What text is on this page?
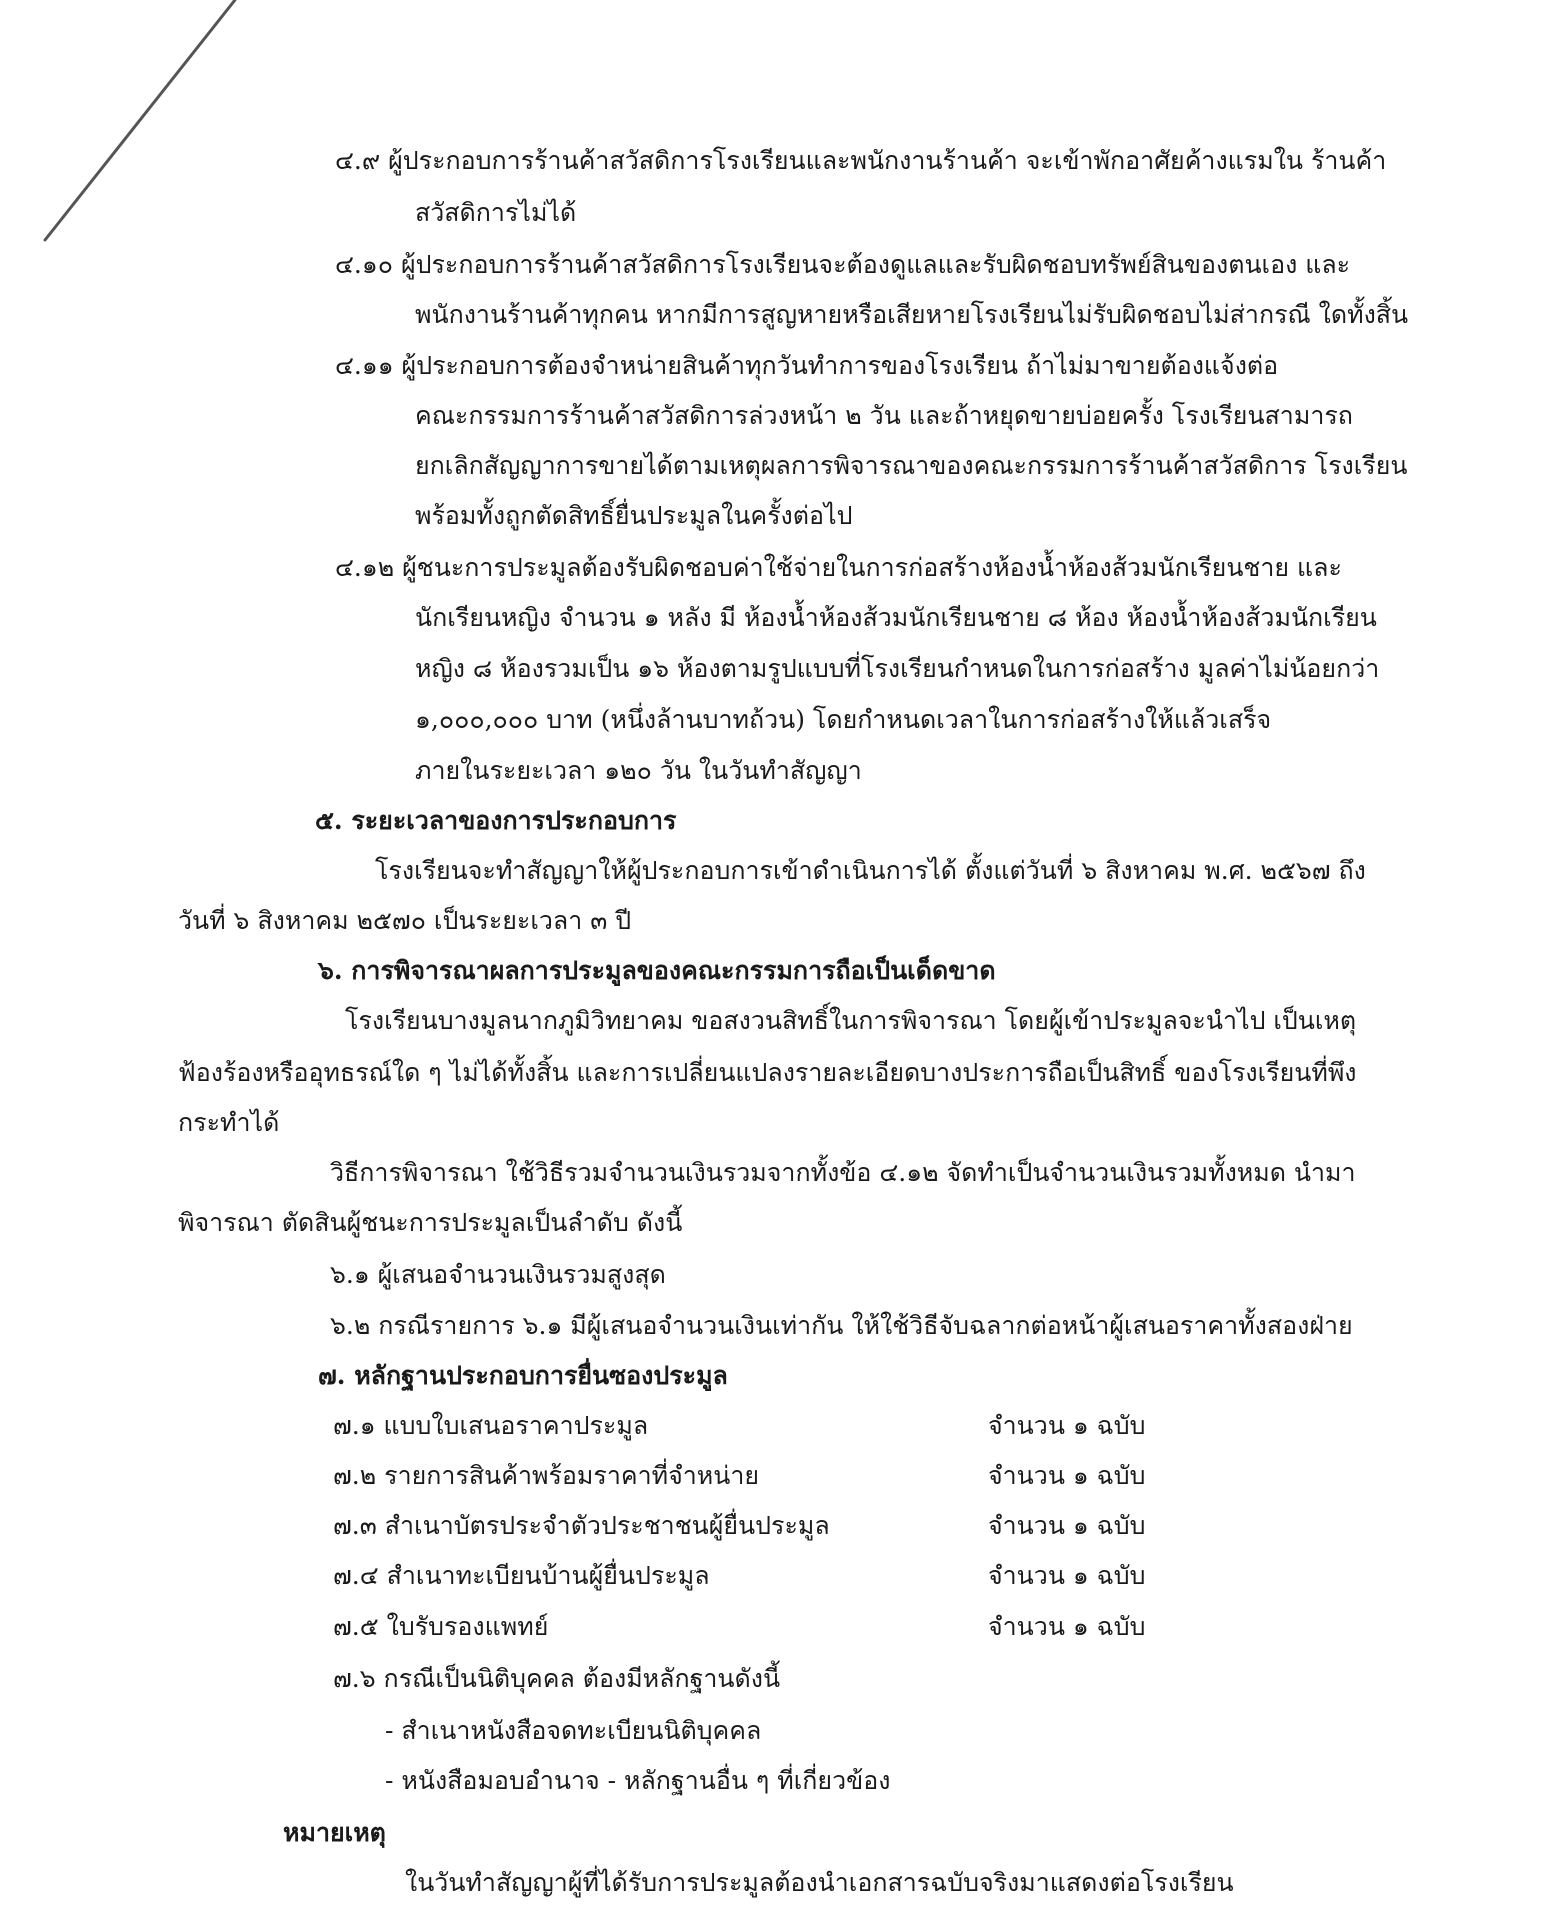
๔.๙ ผู้ประกอบการร้านค้าสวัสดิการโรงเรียนและพนักงานร้านค้า จะเข้าพักอาศัยค้างแรมใน ร้านค้า
สวัสดิการไม่ได้
๔.๑๐ ผู้ประกอบการร้านค้าสวัสดิการโรงเรียนจะต้องดูแลและรับผิดชอบทรัพย์สินของตนเอง และ
พนักงานร้านค้าทุกคน หากมีการสูญหายหรือเสียหายโรงเรียนไม่รับผิดชอบไม่ส่ากรณี ใดทั้งสิ้น
๔.๑๑ ผู้ประกอบการต้องจำหน่ายสินค้าทุกวันทำการของโรงเรียน ถ้าไม่มาขายต้องแจ้งต่อ
คณะกรรมการร้านค้าสวัสดิการล่วงหน้า ๒ วัน และถ้าหยุดขายบ่อยครั้ง โรงเรียนสามารถ
ยกเลิกสัญญาการขายได้ตามเหตุผลการพิจารณาของคณะกรรมการร้านค้าสวัสดิการ โรงเรียน
พร้อมทั้งถูกตัดสิทธิ์ยื่นประมูลในครั้งต่อไป
๔.๑๒ ผู้ชนะการประมูลต้องรับผิดชอบค่าใช้จ่ายในการก่อสร้างห้องน้ำห้องส้วมนักเรียนชาย และ
นักเรียนหญิง จำนวน ๑ หลัง มี ห้องน้ำห้องส้วมนักเรียนชาย ๘ ห้อง ห้องน้ำห้องส้วมนักเรียน
หญิง ๘ ห้องรวมเป็น ๑๖ ห้องตามรูปแบบที่โรงเรียนกำหนดในการก่อสร้าง มูลค่าไม่น้อยกว่า
๑,๐๐๐,๐๐๐ บาท (หนึ่งล้านบาทถ้วน) โดยกำหนดเวลาในการก่อสร้างให้แล้วเสร็จ
ภายในระยะเวลา ๑๒๐ วัน ในวันทำสัญญา
๕. ระยะเวลาของการประกอบการ
โรงเรียนจะทำสัญญาให้ผู้ประกอบการเข้าดำเนินการได้ ตั้งแต่วันที่ ๖ สิงหาคม พ.ศ. ๒๕๖๗ ถึง
วันที่ ๖ สิงหาคม ๒๕๗๐ เป็นระยะเวลา ๓ ปี
๖. การพิจารณาผลการประมูลของคณะกรรมการถือเป็นเด็ดขาด
โรงเรียนบางมูลนากภูมิวิทยาคม ขอสงวนสิทธิ์ในการพิจารณา โดยผู้เข้าประมูลจะนำไป เป็นเหตุ
ฟ้องร้องหรืออุทธรณ์ใด ๆ ไม่ได้ทั้งสิ้น และการเปลี่ยนแปลงรายละเอียดบางประการถือเป็นสิทธิ์ ของโรงเรียนที่พึง
กระทำได้
วิธีการพิจารณา ใช้วิธีรวมจำนวนเงินรวมจากทั้งข้อ ๔.๑๒ จัดทำเป็นจำนวนเงินรวมทั้งหมด นำมา
พิจารณา ตัดสินผู้ชนะการประมูลเป็นลำดับ ดังนี้
๖.๑ ผู้เสนอจำนวนเงินรวมสูงสุด
๖.๒ กรณีรายการ ๖.๑ มีผู้เสนอจำนวนเงินเท่ากัน ให้ใช้วิธีจับฉลากต่อหน้าผู้เสนอราคาทั้งสองฝ่าย
๗. หลักฐานประกอบการยื่นซองประมูล
๗.๑ แบบใบเสนอราคาประมูล	จำนวน ๑ ฉบับ
๗.๒ รายการสินค้าพร้อมราคาที่จำหน่าย	จำนวน ๑ ฉบับ
๗.๓ สำเนาบัตรประจำตัวประชาชนผู้ยื่นประมูล	จำนวน ๑ ฉบับ
๗.๔ สำเนาทะเบียนบ้านผู้ยื่นประมูล	จำนวน ๑ ฉบับ
๗.๕ ใบรับรองแพทย์	จำนวน ๑ ฉบับ
๗.๖ กรณีเป็นนิติบุคคล ต้องมีหลักฐานดังนี้
- สำเนาหนังสือจดทะเบียนนิติบุคคล
- หนังสือมอบอำนาจ - หลักฐานอื่น ๆ ที่เกี่ยวข้อง
หมายเหตุ
ในวันทำสัญญาผู้ที่ได้รับการประมูลต้องนำเอกสารฉบับจริงมาแสดงต่อโรงเรียน
